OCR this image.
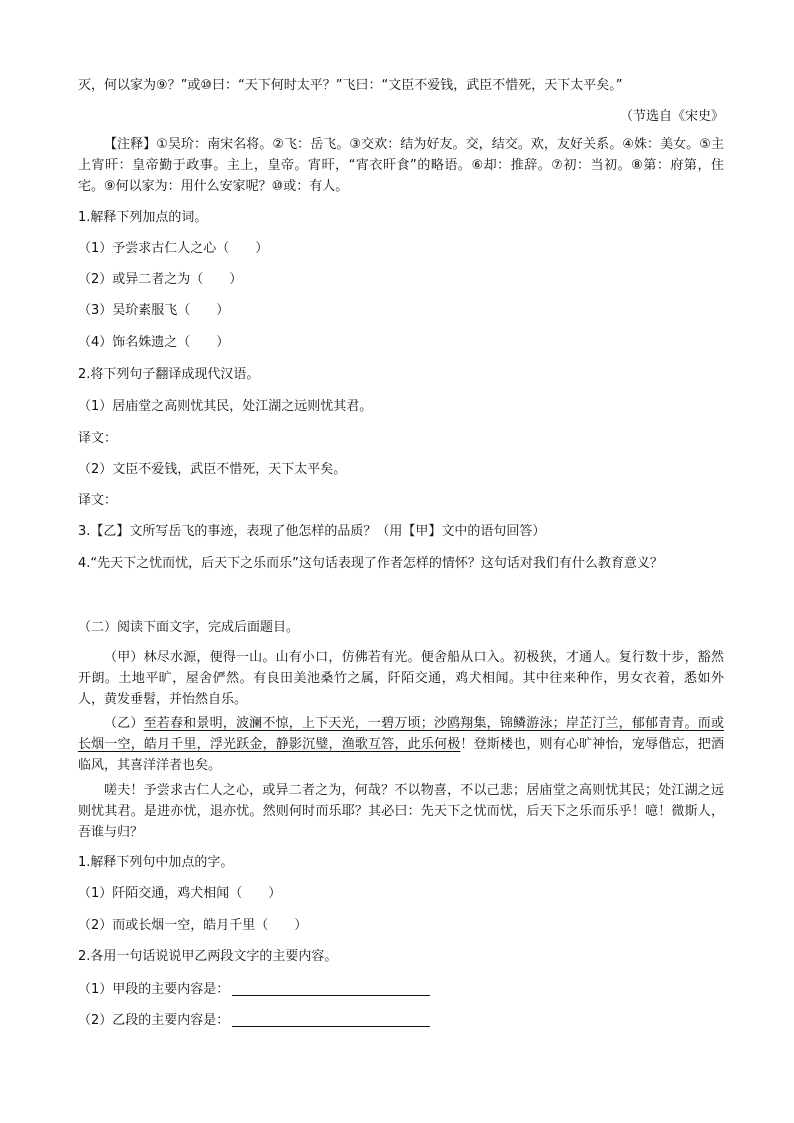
灭，何以家为⑨？”或⑩曰：“天下何时太平？”飞曰：“文臣不爱钱，武臣不惜死，天下太平矣。”
（节选自《宋史》
【注释】①吴玠：南宋名将。②飞：岳飞。③交欢：结为好友。交，结交。欢，友好关系。④姝：美女。⑤主上宵旰：皇帝勤于政事。主上，皇帝。宵旰，“宵衣旰食”的略语。⑥却：推辞。⑦初：当初。⑧第：府第，住宅。⑨何以家为：用什么安家呢？⑩或：有人。
1.解释下列加点的词。
（1）予尝求古仁人之心（　　）
（2）或异二者之为（　　）
（3）吴玠素服飞（　　）
（4）饰名姝遗之（　　）
2.将下列句子翻译成现代汉语。
（1）居庙堂之高则忧其民，处江湖之远则忧其君。
译文：
（2）文臣不爱钱，武臣不惜死，天下太平矣。
译文：
3.【乙】文所写岳飞的事迹，表现了他怎样的品质？（用【甲】文中的语句回答）
4.“先天下之忧而忧，后天下之乐而乐”这句话表现了作者怎样的情怀？这句话对我们有什么教育意义？
（二）阅读下面文字，完成后面题目。
（甲）林尽水源，便得一山。山有小口，仿佛若有光。便舍船从口入。初极狭，才通人。复行数十步，豁然开朗。土地平旷，屋舍俨然。有良田美池桑竹之属，阡陌交通，鸡犬相闻。其中往来种作，男女衣着，悉如外人，黄发垂髫，并怡然自乐。
（乙）至若春和景明，波澜不惊，上下天光，一碧万顷；沙鸥翔集，锦鳞游泳；岸芷汀兰，郁郁青青。而或长烟一空，皓月千里，浮光跃金，静影沉璧，渔歌互答，此乐何极！登斯楼也，则有心旷神怡，宠辱偕忘，把酒临风，其喜洋洋者也矣。
嗟夫！予尝求古仁人之心，或异二者之为，何哉？不以物喜，不以己悲；居庙堂之高则忧其民；处江湖之远则忧其君。是进亦忧，退亦忧。然则何时而乐耶？其必曰：先天下之忧而忧，后天下之乐而乐乎！噫！微斯人，吾谁与归？
1.解释下列句中加点的字。
（1）阡陌交通，鸡犬相闻（　　）
（2）而或长烟一空，皓月千里（　　）
2.各用一句话说说甲乙两段文字的主要内容。
（1）甲段的主要内容是：
（2）乙段的主要内容是：
